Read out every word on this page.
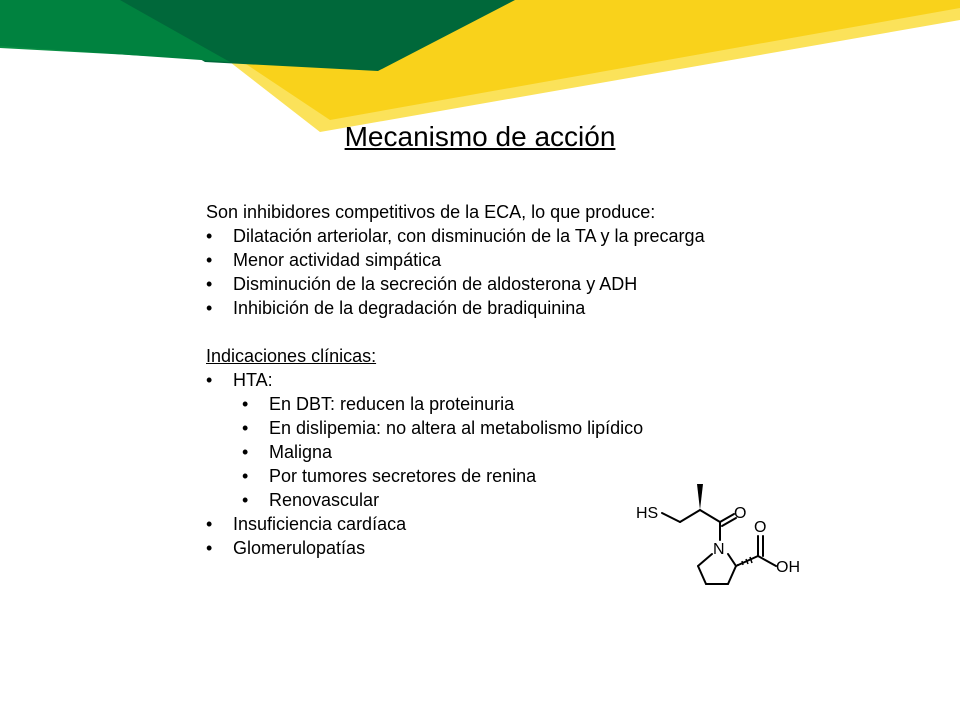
Mecanismo de acción
Son inhibidores competitivos de la ECA, lo que produce:
• Dilatación arteriolar, con disminución de la TA y la precarga
• Menor actividad simpática
• Disminución de la secreción de aldosterona y ADH
• Inhibición de la degradación de bradiquinina
Indicaciones clínicas:
• HTA:
• En DBT: reducen la proteinuria
• En dislipemia: no altera al metabolismo lipídico
• Maligna
• Por tumores secretores de renina
• Renovascular
• Insuficiencia cardíaca
• Glomerulopatías
HS	O
N
O
OH
